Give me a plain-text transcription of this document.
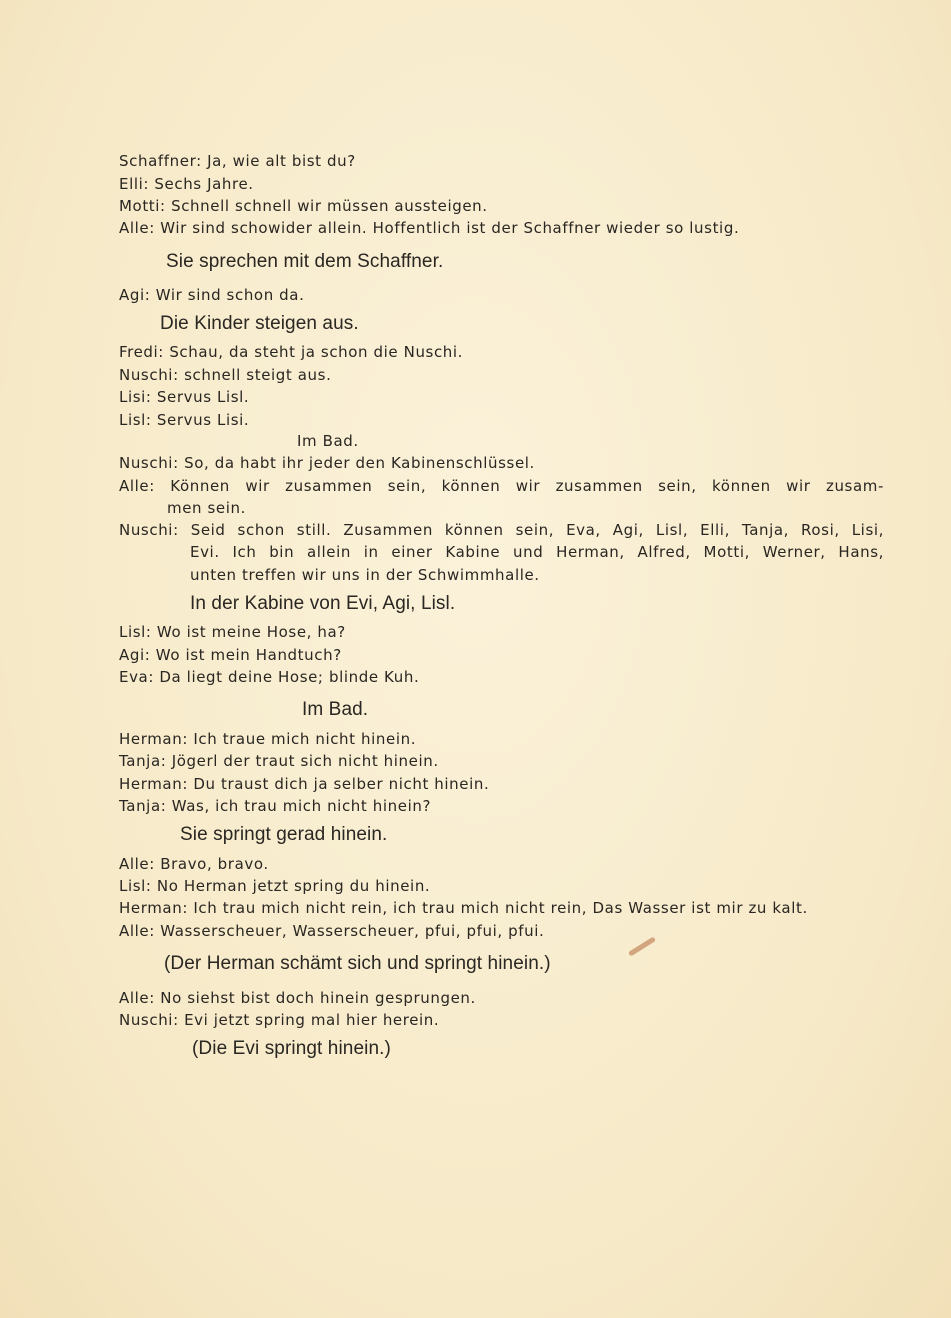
Schaffner: Ja, wie alt bist du?
Elli: Sechs Jahre.
Motti: Schnell schnell wir müssen aussteigen.
Alle: Wir sind schowider allein. Hoffentlich ist der Schaffner wieder so lustig.
Sie sprechen mit dem Schaffner.
Agi: Wir sind schon da.
Die Kinder steigen aus.
Fredi: Schau, da steht ja schon die Nuschi.
Nuschi: schnell steigt aus.
Lisi: Servus Lisl.
Lisl: Servus Lisi.
Im Bad.
Nuschi: So, da habt ihr jeder den Kabinenschlüssel.
Alle: Können wir zusammen sein, können wir zusammen sein, können wir zusam-
men sein.
Nuschi: Seid schon still. Zusammen können sein, Eva, Agi, Lisl, Elli, Tanja, Rosi, Lisi,
Evi. Ich bin allein in einer Kabine und Herman, Alfred, Motti, Werner, Hans,
unten treffen wir uns in der Schwimmhalle.
In der Kabine von Evi, Agi, Lisl.
Lisl: Wo ist meine Hose, ha?
Agi: Wo ist mein Handtuch?
Eva: Da liegt deine Hose; blinde Kuh.
Im Bad.
Herman: Ich traue mich nicht hinein.
Tanja: Jögerl der traut sich nicht hinein.
Herman: Du traust dich ja selber nicht hinein.
Tanja: Was, ich trau mich nicht hinein?
Sie springt gerad hinein.
Alle: Bravo, bravo.
Lisl: No Herman jetzt spring du hinein.
Herman: Ich trau mich nicht rein, ich trau mich nicht rein, Das Wasser ist mir zu kalt.
Alle: Wasserscheuer, Wasserscheuer, pfui, pfui, pfui.
(Der Herman schämt sich und springt hinein.)
Alle: No siehst bist doch hinein gesprungen.
Nuschi: Evi jetzt spring mal hier herein.
(Die Evi springt hinein.)
